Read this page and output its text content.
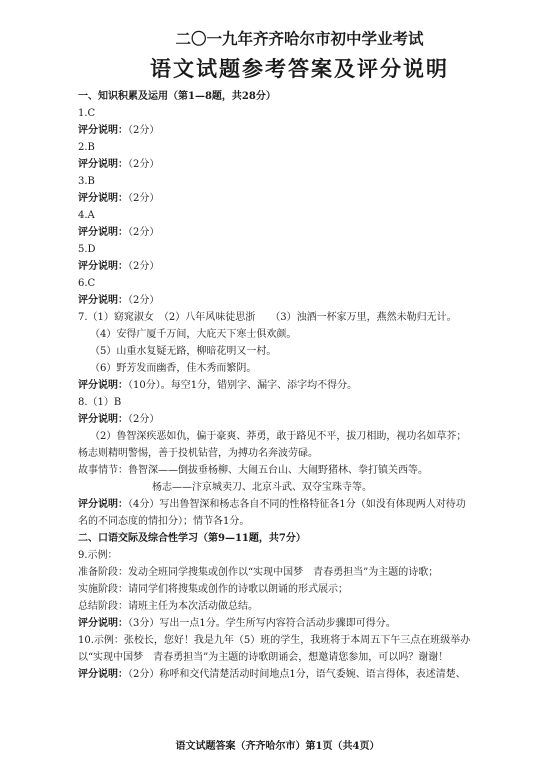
二〇一九年齐齐哈尔市初中学业考试
语文试题参考答案及评分说明
一、知识积累及运用（第1—8题，共28分）
1.C
评分说明：（2分）
2.B
评分说明：（2分）
3.B
评分说明：（2分）
4.A
评分说明：（2分）
5.D
评分说明：（2分）
6.C
评分说明：（2分）
7.（1）窈窕淑女　（2）八年风味徒思浙　　（3）浊酒一杯家万里，燕然未勒归无计。
（4）安得广厦千万间，大庇天下寒士俱欢颜。
（5）山重水复疑无路，柳暗花明又一村。
（6）野芳发而幽香，佳木秀而繁阴。
评分说明：（10分）。每空1分，错别字、漏字、添字均不得分。
8.（1）B
评分说明：（2分）
（2）鲁智深疾恶如仇，偏于豪爽、莽勇，敢于路见不平，拔刀相助，视功名如草芥；
杨志则精明警惕，善于投机钻营，为搏功名奔波劳碌。
故事情节：鲁智深——倒拔垂杨柳、大闹五台山、大闹野猪林、拳打镇关西等。
杨志——汴京城卖刀、北京斗武、双夺宝珠寺等。
评分说明：（4分）写出鲁智深和杨志各自不同的性格特征各1分（如没有体现两人对待功
名的不同态度的情扣分）；情节各1分。
二、口语交际及综合性学习（第9—11题，共7分）
9.示例：
准备阶段：发动全班同学搜集或创作以“实现中国梦　青春勇担当”为主题的诗歌；
实施阶段：请同学们将搜集或创作的诗歌以朗诵的形式展示；
总结阶段：请班主任为本次活动做总结。
评分说明：（3分）写出一点1分。学生所写内容符合活动步骤即可得分。
10.示例：张校长，您好！我是九年（5）班的学生，我班将于本周五下午三点在班级举办
以“实现中国梦　青春勇担当”为主题的诗歌朗诵会，想邀请您参加，可以吗？谢谢！
评分说明：（2分）称呼和交代清楚活动时间地点1分，语气委婉、语言得体，表述清楚、
语文试题答案（齐齐哈尔市）第1页（共4页）
